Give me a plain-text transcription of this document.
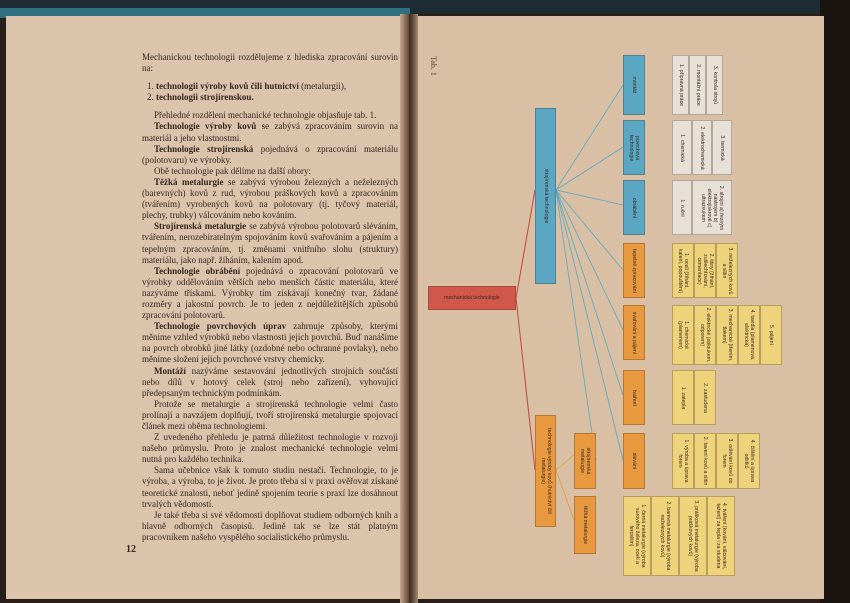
Mechanickou technologii rozdělujeme z hlediska zpracování surovin na:

1. technologii výroby kovů čili hutnictví (metalurgii),
2. technologii strojírenskou.

Přehledné rozdělení mechanické technologie objasňuje tab. 1.

Technologie výroby kovů se zabývá zpracováním surovin na materiál a jeho vlastnostmi.

Technologie strojírenská pojednává o zpracování materiálu (polotovaru) ve výrobky.

Obě technologie pak dělíme na další obory:

Těžká metalurgie se zabývá výrobou železných a neželezných (barevných) kovů z rud, výrobou práškových kovů a zpracováním (tvářením) vyrobených kovů na polotovary (tj. tyčový materiál, plechy, trubky) válcováním nebo kováním.

Strojírenská metalurgie se zabývá výrobou polotovarů sléváním, tvářením, nerozebíratelným spojováním kovů svařováním a pájením a tepelným zpracováním, tj. změnami vnitřního slohu (struktury) materiálu, jako např. žíháním, kalením apod.

Technologie obrábění pojednává o zpracování polotovarů ve výrobky oddělováním větších nebo menších částic materiálu, které nazýváme třískami. Výrobky tím získávají konečný tvar, žádané rozměry a jakostní povrch. Je to jeden z nejdůležitějších způsobů zpracování polotovarů.

Technologie povrchových úprav zahrnuje způsoby, kterými měníme vzhled výrobků nebo vlastnosti jejich povrchů. Buď nanášíme na povrch obrobků jiné látky (ozdobné nebo ochranné povlaky), nebo měníme složení jejich povrchové vrstvy chemicky.

Montáží nazýváme sestavování jednotlivých strojních součástí nebo dílů v hotový celek (stroj nebo zařízení), vyhovující předepsaným technickým podmínkám.

Protože se metalurgie a strojírenská technologie velmi často prolínají a navzájem doplňují, tvoří strojírenská metalurgie spojovací článek mezi oběma technologiemi.

Z uvedeného přehledu je patrná důležitost technologie v rozvoji našeho průmyslu. Proto je znalost mechanické technologie velmi nutná pro každého technika.

Sama učebnice však k tomuto studiu nestačí. Technologie, to je výroba, a výroba, to je život. Je proto třeba si v praxi ověřovat získané teoretické znalosti, neboť jedině spojením teorie s praxí lze dosáhnout trvalých vědomostí.

Je také třeba si své vědomosti doplňovat studiem odborných knih a hlavně odborných časopisů. Jedině tak se lze stát platným pracovníkem našeho vyspělého socialistického průmyslu.

12
Tab. 1
mechanická technologie
strojírenská technologie
technologie výroby kovů (hutnictví čili metalurgie)	strojírenská metalurgie
těžká metalurgie
montáž
povrchová technologie
obrábění
tepelné zpracování
svařování a pájení
tváření
slévání
1. přípravná práce 2. montážní práce 3. kontrola strojů
1. chemická	2. elektrochemická	3. termická
1. ruční	2. strojní a) řezným nástrojem b) elektrojiskrově c) ultrazvukem
1. ocelí (žíhání, kalení, popouštění)	2. litiny (žíhání, zušlechťování, cementace)	3. neželezných kovů a slitin
1. chemické (plamenem)	2. elektrické (obloukem, odporem)	3. mechanické (třením, tlakem)	4. tavidla (plamenová, elektrická)	5. pájení
1. zatepla	2. zastudena
1. výroba a úprava forem	2. tavení kovů a slitin	3. odlévání kovů do forem	4. čištění a úprava odlitků
1. černá metalurgie (výroba surového železa, ocelí a feroslitin)	2. barevná metalurgie (výroba neželezných kovů)	3. prášková metalurgie (výroba práškových kovů)	4. tváření (kování, válcování, tažení) za tepla i za studena
